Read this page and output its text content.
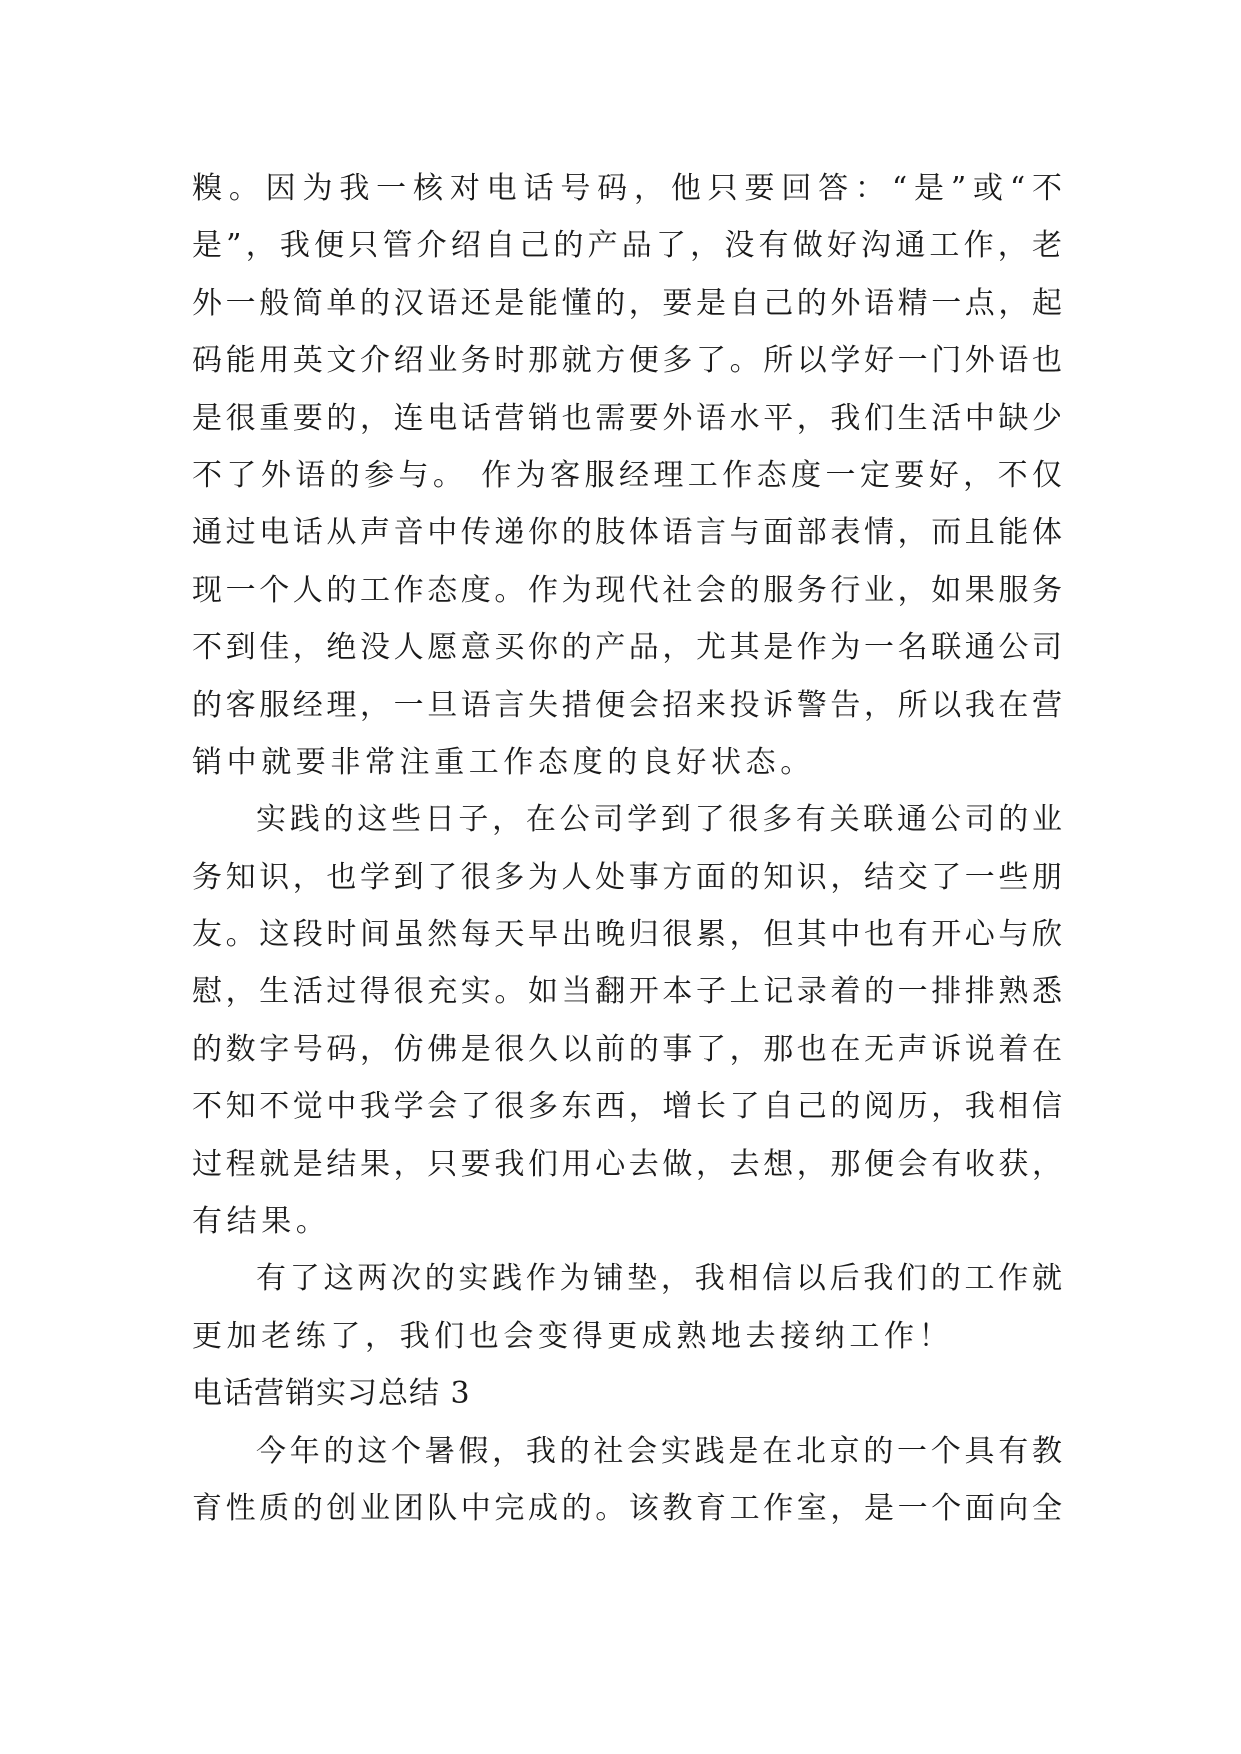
糗。因为我一核对电话号码，他只要回答：“是”或“不
是”，我便只管介绍自己的产品了，没有做好沟通工作，老
外一般简单的汉语还是能懂的，要是自己的外语精一点，起
码能用英文介绍业务时那就方便多了。所以学好一门外语也
是很重要的，连电话营销也需要外语水平，我们生活中缺少
不了外语的参与。 作为客服经理工作态度一定要好，不仅
通过电话从声音中传递你的肢体语言与面部表情，而且能体
现一个人的工作态度。作为现代社会的服务行业，如果服务
不到佳，绝没人愿意买你的产品，尤其是作为一名联通公司
的客服经理，一旦语言失措便会招来投诉警告，所以我在营
销中就要非常注重工作态度的良好状态。
实践的这些日子，在公司学到了很多有关联通公司的业
务知识，也学到了很多为人处事方面的知识，结交了一些朋
友。这段时间虽然每天早出晚归很累，但其中也有开心与欣
慰，生活过得很充实。如当翻开本子上记录着的一排排熟悉
的数字号码，仿佛是很久以前的事了，那也在无声诉说着在
不知不觉中我学会了很多东西，增长了自己的阅历，我相信
过程就是结果，只要我们用心去做，去想，那便会有收获，
有结果。
有了这两次的实践作为铺垫，我相信以后我们的工作就
更加老练了，我们也会变得更成熟地去接纳工作！
电话营销实习总结 3
今年的这个暑假，我的社会实践是在北京的一个具有教
育性质的创业团队中完成的。该教育工作室，是一个面向全
